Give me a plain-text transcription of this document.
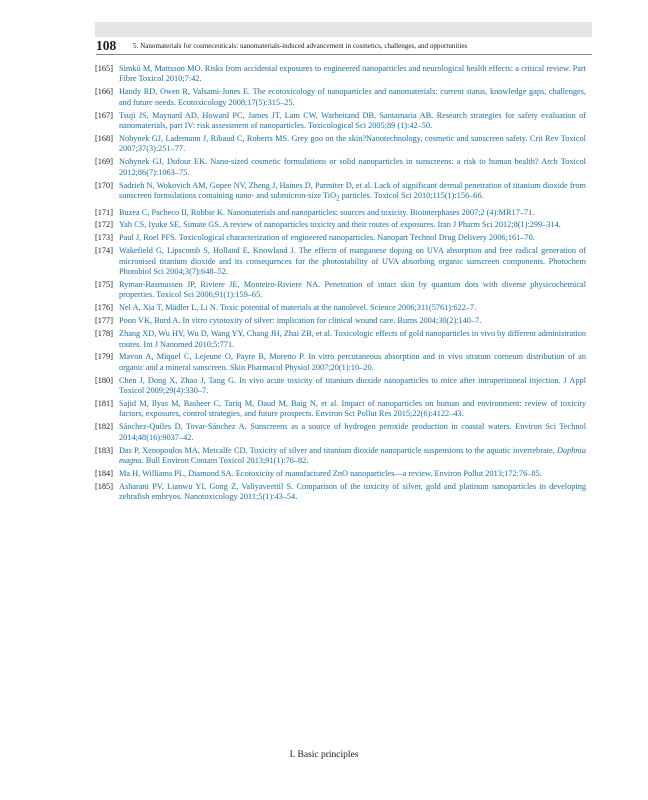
108 5. Nanomaterials for cosmeceuticals: nanomaterials-induced advancement in cosmetics, challenges, and opportunities
[165] Simkó M, Mattsson MO. Risks from accidental exposures to engineered nanoparticles and neurological health effects: a critical review. Part Fibre Toxicol 2010;7:42.
[166] Handy RD, Owen R, Valsami-Jones E. The ecotoxicology of nanoparticles and nanomaterials: current status, knowledge gaps, challenges, and future needs. Ecotoxicology 2008;17(5):315–25.
[167] Tsuji JS, Maynard AD, Howard PC, James JT, Lam CW, Warheitand DB, Santamaria AB. Research strategies for safety evaluation of nanomaterials, part IV: risk assessment of nanoparticles. Toxicological Sci 2005;89 (1):42–50.
[168] Nohynek GJ, Lademann J, Ribaud C, Roberts MS. Grey goo on the skin?Nanotechnology, cosmetic and sunscreen safety. Crit Rev Toxicol 2007;37(3):251–77.
[169] Nohynek GJ, Dufour EK. Nano-sized cosmetic formulations or solid nanoparticles in sunscreens: a risk to human health? Arch Toxicol 2012;86(7):1063–75.
[170] Sadrieh N, Wokovich AM, Gopee NV, Zheng J, Haines D, Parmiter D, et al. Lack of significant dermal penetration of titanium dioxide from sunscreen formulations containing nano- and submicron-size TiO$_2$ particles. Toxicol Sci 2010;115(1):156–66.
[171] Buzea C, Pacheco II, Robbie K. Nanomaterials and nanoparticles: sources and toxicity. Biointerphases 2007;2 (4):MR17–71.
[172] Yah CS, Iyuke SE, Simate GS. A review of nanoparticles toxicity and their routes of exposures. Iran J Pharm Sci 2012;8(1):299–314.
[173] Paul J, Roel PFS. Toxicological characterization of engineered nanoparticles. Nanopart Technol Drug Delivery 2006;161–70.
[174] Wakefield G, Lipscomb S, Holland E, Knowland J. The effects of manganese doping on UVA absorption and free radical generation of micronised titanium dioxide and its consequences for the photostability of UVA absorbing organic sunscreen components. Photochem Photobiol Sci 2004;3(7):648–52.
[175] Ryman-Rasmussen JP, Riviere JE, Monteiro-Riviere NA. Penetration of intact skin by quantum dots with diverse physicochemical properties. Toxicol Sci 2006;91(1):159–65.
[176] Nel A, Xia T, Mädler L, Li N. Toxic potential of materials at the nanolevel. Science 2006;311(5761):622–7.
[177] Poon VK, Burd A. In vitro cytotoxity of silver: implication for clinical wound care. Burns 2004;30(2):140–7.
[178] Zhang XD, Wu HY, Wu D, Wang YY, Chang JH, Zhai ZB, et al. Toxicologic effects of gold nanoparticles in vivo by different administration routes. Int J Nanomed 2010;5:771.
[179] Mavon A, Miquel C, Lejeune O, Payre B, Moretto P. In vitro percutaneous absorption and in vivo stratum corneum distribution of an organic and a mineral sunscreen. Skin Pharmacol Physiol 2007;20(1):10–20.
[180] Chen J, Dong X, Zhao J, Tang G. In vivo acute toxicity of titanium dioxide nanoparticles to mice after intraperitoneal injection. J Appl Toxicol 2009;29(4):330–7.
[181] Sajid M, Ilyas M, Basheer C, Tariq M, Daud M, Baig N, et al. Impact of nanoparticles on human and environment: review of toxicity factors, exposures, control strategies, and future prospects. Environ Sci Pollut Res 2015;22(6):4122–43.
[182] Sánchez-Quiles D, Tovar-Sánchez A. Sunscreens as a source of hydrogen peroxide production in coastal waters. Environ Sci Technol 2014;48(16):9037–42.
[183] Das P, Xenopoulos MA, Metcalfe CD. Toxicity of silver and titanium dioxide nanoparticle suspensions to the aquatic invertebrate, Daphnia magna. Bull Environ Contam Toxicol 2013;91(1):76–82.
[184] Ma H, Williams PL, Diamond SA. Ecotoxicity of manufactured ZnO nanoparticles—a review. Environ Pollut 2013;172:76–85.
[185] Asharani PV, Lianwu YI, Gong Z, Valiyaveettil S. Comparison of the toxicity of silver, gold and platinum nanoparticles in developing zebrafish embryos. Nanotoxicology 2011;5(1):43–54.
I. Basic principles
